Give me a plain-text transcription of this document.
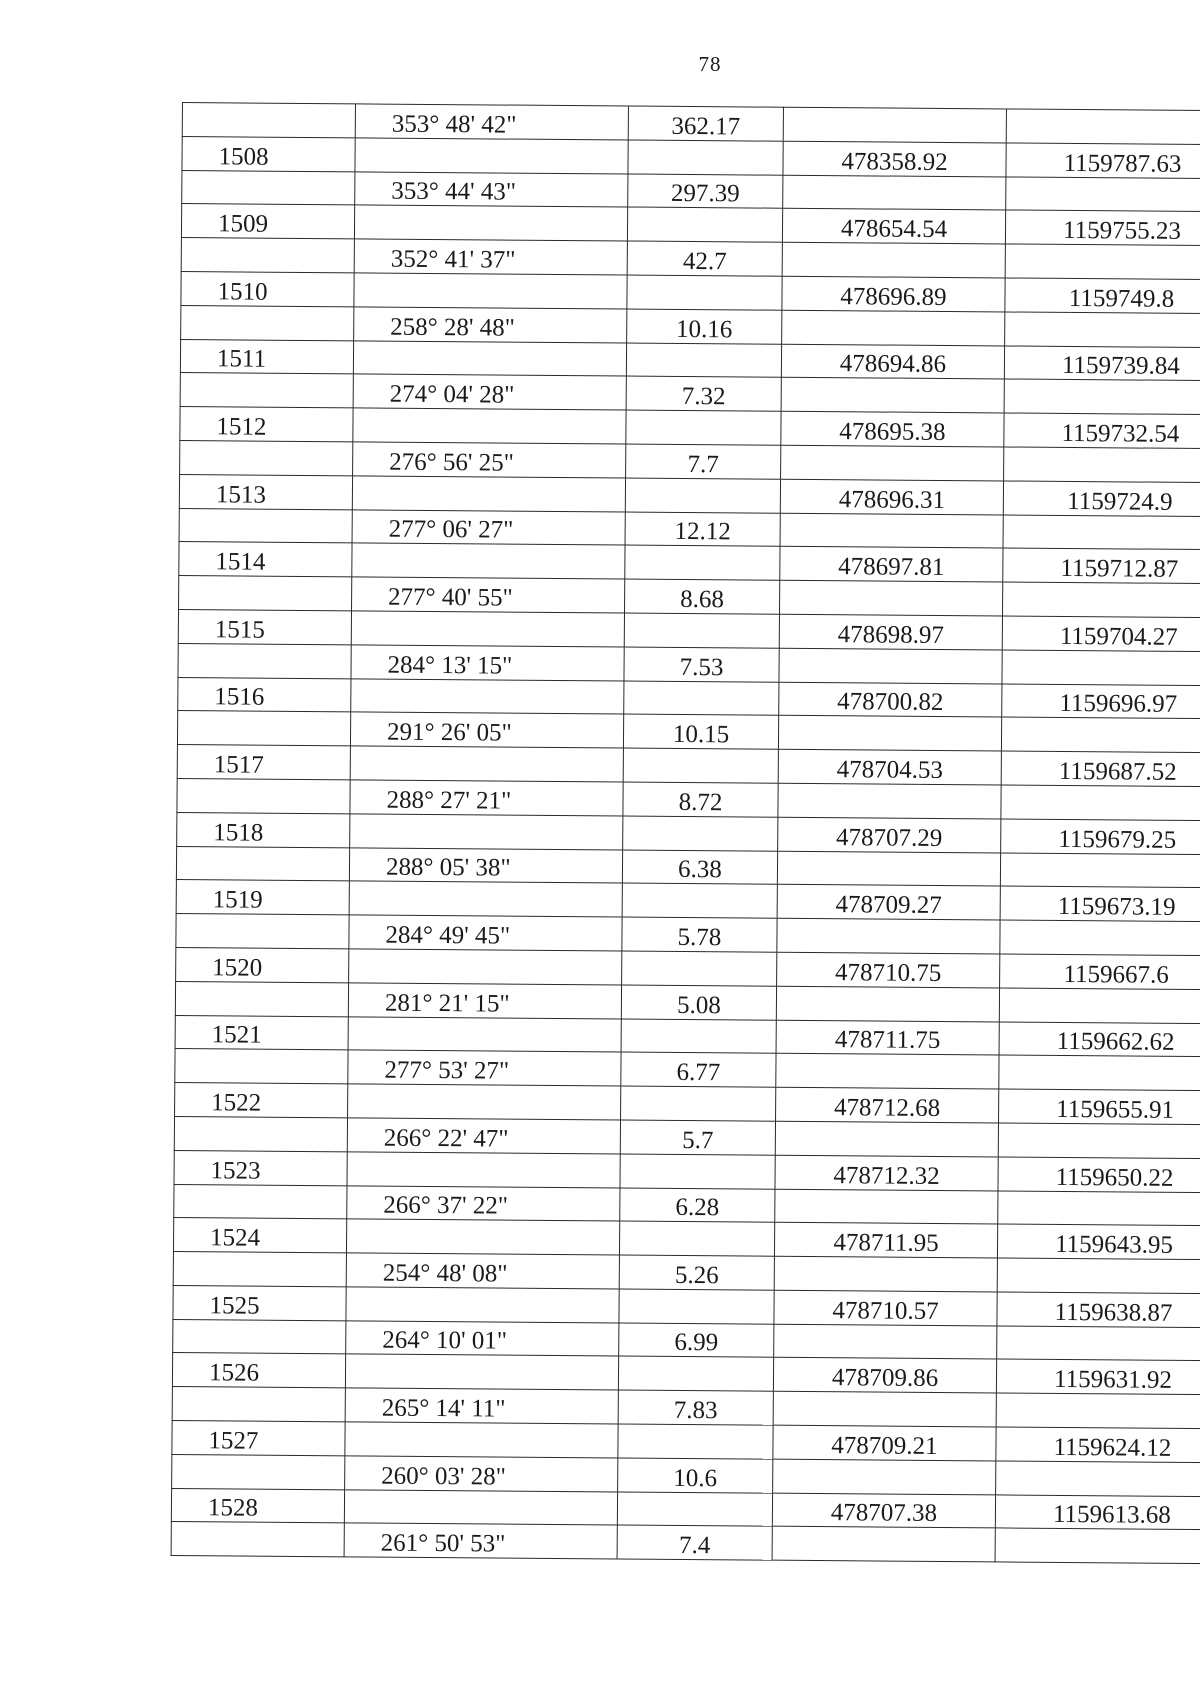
78
	353° 48' 42"	362.17		
1508			478358.92	1159787.63
	353° 44' 43"	297.39		
1509			478654.54	1159755.23
	352° 41' 37"	42.7		
1510			478696.89	1159749.8
	258° 28' 48"	10.16		
1511			478694.86	1159739.84
	274° 04' 28"	7.32		
1512			478695.38	1159732.54
	276° 56' 25"	7.7		
1513			478696.31	1159724.9
	277° 06' 27"	12.12		
1514			478697.81	1159712.87
	277° 40' 55"	8.68		
1515			478698.97	1159704.27
	284° 13' 15"	7.53		
1516			478700.82	1159696.97
	291° 26' 05"	10.15		
1517			478704.53	1159687.52
	288° 27' 21"	8.72		
1518			478707.29	1159679.25
	288° 05' 38"	6.38		
1519			478709.27	1159673.19
	284° 49' 45"	5.78		
1520			478710.75	1159667.6
	281° 21' 15"	5.08		
1521			478711.75	1159662.62
	277° 53' 27"	6.77		
1522			478712.68	1159655.91
	266° 22' 47"	5.7		
1523			478712.32	1159650.22
	266° 37' 22"	6.28		
1524			478711.95	1159643.95
	254° 48' 08"	5.26		
1525			478710.57	1159638.87
	264° 10' 01"	6.99		
1526			478709.86	1159631.92
	265° 14' 11"	7.83		
1527			478709.21	1159624.12
	260° 03' 28"	10.6		
1528			478707.38	1159613.68
	261° 50' 53"	7.4		
